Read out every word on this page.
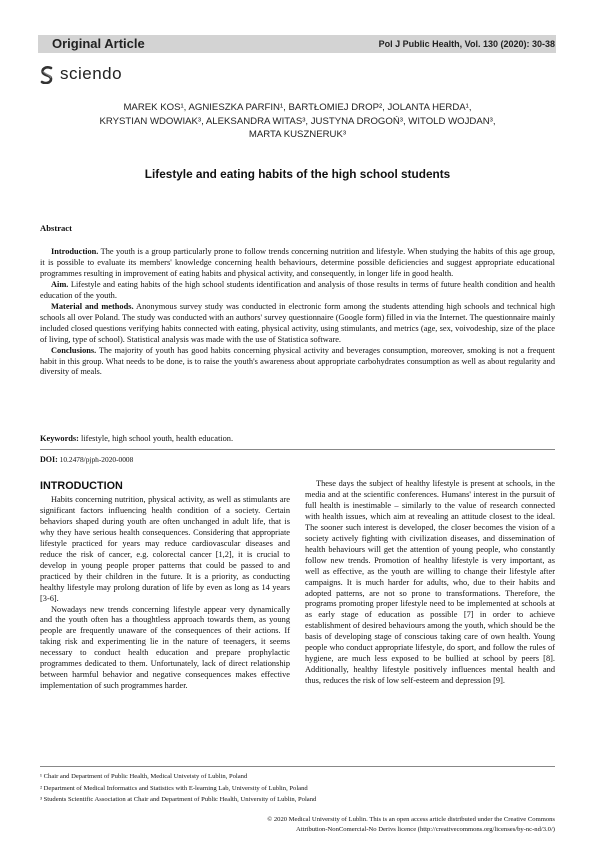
Original Article	Pol J Public Health, Vol. 130 (2020): 30-38
sciendo
MAREK KOS¹, AGNIESZKA PARFIN¹, BARTŁOMIEJ DROP², JOLANTA HERDA¹,
KRYSTIAN WDOWIAK³, ALEKSANDRA WITAS³, JUSTYNA DROGOŃ³, WITOLD WOJDAN³,
MARTA KUSZNERUK³
Lifestyle and eating habits of the high school students
Abstract

Introduction. The youth is a group particularly prone to follow trends concerning nutrition and lifestyle. When studying the habits of this age group, it is possible to evaluate its members' knowledge concerning health behaviours, determine possible deficiencies and suggest appropriate educational programmes resulting in improvement of eating habits and physical activity, and consequently, in longer life in good health.

Aim. Lifestyle and eating habits of the high school students identification and analysis of those results in terms of future health condition and health education of the youth.

Material and methods. Anonymous survey study was conducted in electronic form among the students attending high schools and technical high schools all over Poland. The study was conducted with an authors' survey questionnaire (Google form) filled in via the Internet. The questionnaire mainly included closed questions verifying habits connected with eating, physical activity, using stimulants, and metrics (age, sex, voivodeship, size of the place of living, type of school). Statistical analysis was made with the use of Statistica software.

Conclusions. The majority of youth has good habits concerning physical activity and beverages consumption, moreover, smoking is not a frequent habit in this group. What needs to be done, is to raise the youth's awareness about appropriate carbohydrates consumption as well as about regularity and diversity of meals.

Keywords: lifestyle, high school youth, health education.
DOI: 10.2478/pjph-2020-0008
INTRODUCTION

Habits concerning nutrition, physical activity, as well as stimulants are significant factors influencing health condition of a society. Certain behaviors shaped during youth are often unchanged in adult life, that is why they have serious health consequences. Considering that appropriate lifestyle practiced for years may reduce cardiovascular diseases and reduce the risk of cancer, e.g. colorectal cancer [1,2], it is crucial to develop in young people proper patterns that could be passed to and practiced by their children in the future. It is a priority, as conducting healthy lifestyle may prolong duration of life by even as long as 14 years [3-6].

Nowadays new trends concerning lifestyle appear very dynamically and the youth often has a thoughtless approach towards them, as young people are frequently unaware of the consequences of their actions. If taking risk and experimenting lie in the nature of teenagers, it seems necessary to conduct health education and prepare prophylactic programmes dedicated to them. Unfortunately, lack of direct relationship between harmful behavior and negative consequences makes effective implementation of such programmes harder.

These days the subject of healthy lifestyle is present at schools, in the media and at the scientific conferences. Humans' interest in the pursuit of full health is inestimable – similarly to the value of research connected with health issues, which aim at revealing an attitude closest to the ideal. The sooner such interest is developed, the closer becomes the vision of a society actively fighting with civilization diseases, and dissemination of health behaviours will get the attention of young people, who constantly follow new trends. Promotion of healthy lifestyle is very important, as well as effective, as the youth are willing to change their lifestyle after campaigns. It is much harder for adults, who, due to their habits and adopted patterns, are not so prone to transformations. Therefore, the programs promoting proper lifestyle need to be implemented at schools at as early stage of education as possible [7] in order to achieve establishment of desired behaviours among the youth, which should be the basis of developing stage of conscious taking care of own health. Young people who conduct appropriate lifestyle, do sport, and follow the rules of hygiene, are much less exposed to be bullied at school by peers [8]. Additionally, healthy lifestyle positively influences mental health and thus, reduces the risk of low self-esteem and depression [9].

¹ Chair and Department of Public Health, Medical Univeisty of Lublin, Poland
² Department of Medical Informatics and Statistics with E-learning Lab, University of Lublin, Poland
³ Students Scientific Association at Chair and Department of Public Health, University of Lublin, Poland
© 2020 Medical University of Lublin. This is an open access article distributed under the Creative Commons
Attribution-NonComercial-No Derivs licence (http://creativecommons.org/licenses/by-nc-nd/3.0/)
